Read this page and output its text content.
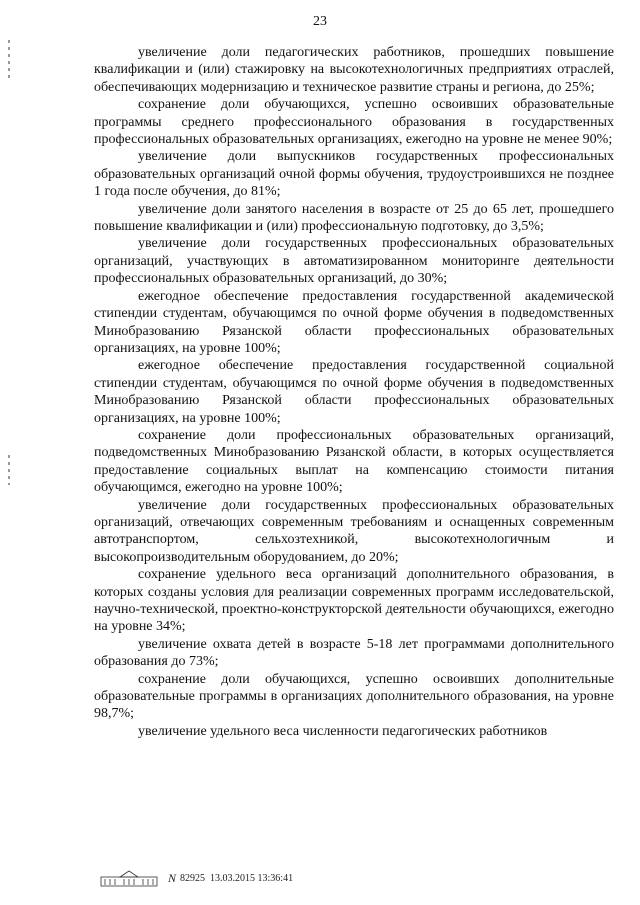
23

увеличение доли педагогических работников, прошедших повышение квалификации и (или) стажировку на высокотехнологичных предприятиях отраслей, обеспечивающих модернизацию и техническое развитие страны и региона, до 25%;

сохранение доли обучающихся, успешно освоивших образовательные программы среднего профессионального образования в государственных профессиональных образовательных организациях, ежегодно на уровне не менее 90%;

увеличение доли выпускников государственных профессиональных образовательных организаций очной формы обучения, трудоустроившихся не позднее 1 года после обучения, до 81%;

увеличение доли занятого населения в возрасте от 25 до 65 лет, прошедшего повышение квалификации и (или) профессиональную подготовку, до 3,5%;

увеличение доли государственных профессиональных образовательных организаций, участвующих в автоматизированном мониторинге деятельности профессиональных образовательных организаций, до 30%;

ежегодное обеспечение предоставления государственной академической стипендии студентам, обучающимся по очной форме обучения в подведомственных Минобразованию Рязанской области профессиональных образовательных организациях, на уровне 100%;

ежегодное обеспечение предоставления государственной социальной стипендии студентам, обучающимся по очной форме обучения в подведомственных Минобразованию Рязанской области профессиональных образовательных организациях, на уровне 100%;

сохранение доли профессиональных образовательных организаций, подведомственных Минобразованию Рязанской области, в которых осуществляется предоставление социальных выплат на компенсацию стоимости питания обучающимся, ежегодно на уровне 100%;

увеличение доли государственных профессиональных образовательных организаций, отвечающих современным требованиям и оснащенных современным автотранспортом, сельхозтехникой, высокотехнологичным и высокопроизводительным оборудованием, до 20%;

сохранение удельного веса организаций дополнительного образования, в которых созданы условия для реализации современных программ исследовательской, научно-технической, проектно-конструкторской деятельности обучающихся, ежегодно на уровне 34%;

увеличение охвата детей в возрасте 5-18 лет программами дополнительного образования до 73%;

сохранение доли обучающихся, успешно освоивших дополнительные образовательные программы в организациях дополнительного образования, на уровне 98,7%;

увеличение удельного веса численности педагогических работников

N 82925
13.03.2015
13:36:41
